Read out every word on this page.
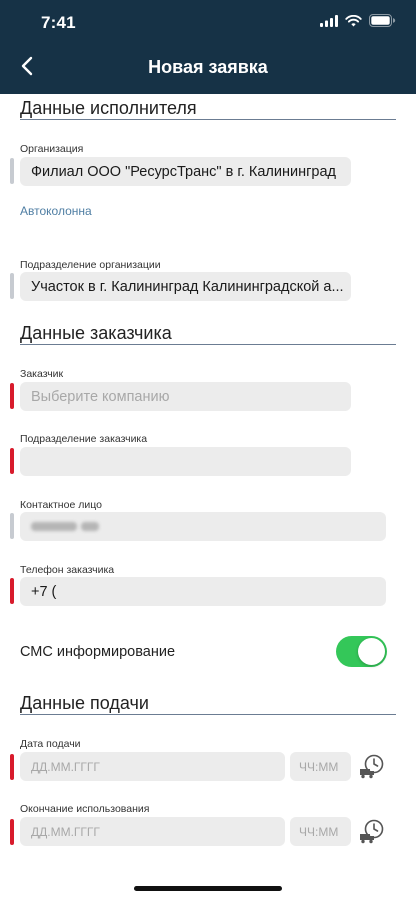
7:41
Новая заявка
Данные исполнителя
Организация
Филиал ООО "РесурсТранс" в г. Калининград
Автоколонна
Подразделение организации
Участок в г. Калининград Калининградской а...
Данные заказчика
Заказчик
Выберите компанию
Подразделение заказчика
Контактное лицо
Телефон заказчика
+7 (
СМС информирование
Данные подачи
Дата подачи
ДД.ММ.ГГГГ	ЧЧ:ММ
Окончание использования
ДД.ММ.ГГГГ	ЧЧ:ММ
